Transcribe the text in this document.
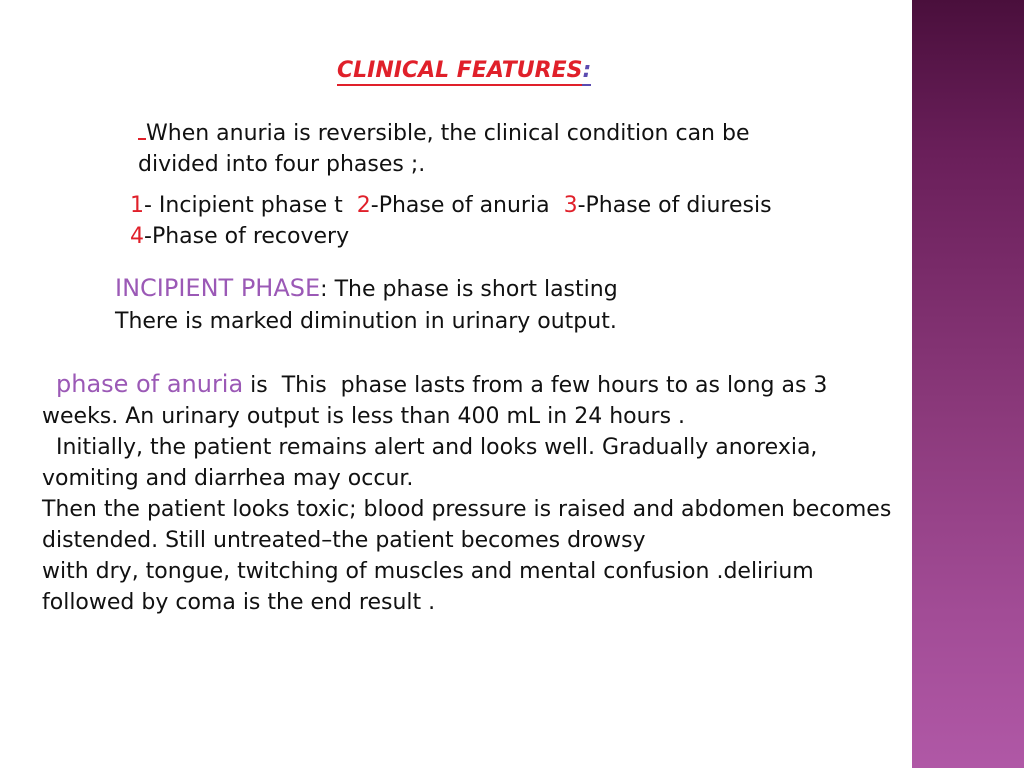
CLINICAL FEATURES:
When anuria is reversible, the clinical condition can be
divided into four phases ;.
1- Incipient phase t  2-Phase of anuria  3-Phase of diuresis
4-Phase of recovery
INCIPIENT PHASE: The phase is short lasting
There is marked diminution in urinary output.
phase of anuria is  This  phase lasts from a few hours to as long as 3
weeks. An urinary output is less than 400 mL in 24 hours .
Initially, the patient remains alert and looks well. Gradually anorexia,
vomiting and diarrhea may occur.
Then the patient looks toxic; blood pressure is raised and abdomen becomes
distended. Still untreated–the patient becomes drowsy
with dry, tongue, twitching of muscles and mental confusion .delirium
followed by coma is the end result .
